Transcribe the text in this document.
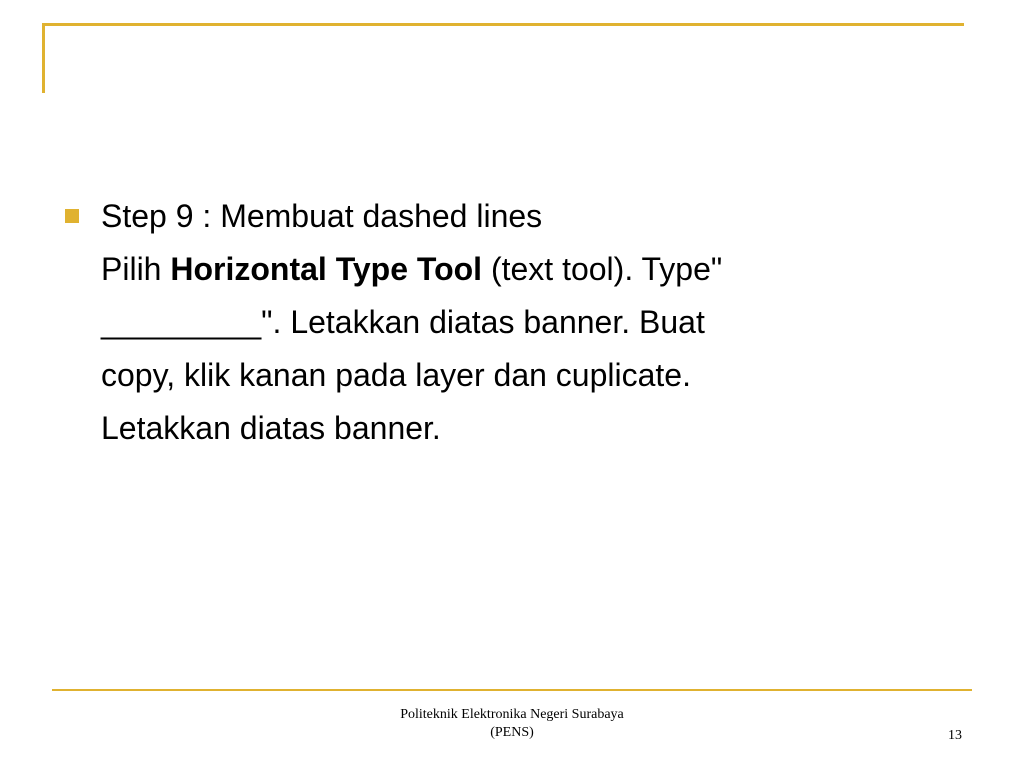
Step 9 : Membuat dashed lines
Pilih Horizontal Type Tool (text tool). Type"
_________". Letakkan diatas banner. Buat
copy, klik kanan pada layer dan cuplicate.
Letakkan diatas banner.
Politeknik Elektronika Negeri Surabaya
(PENS)	13
